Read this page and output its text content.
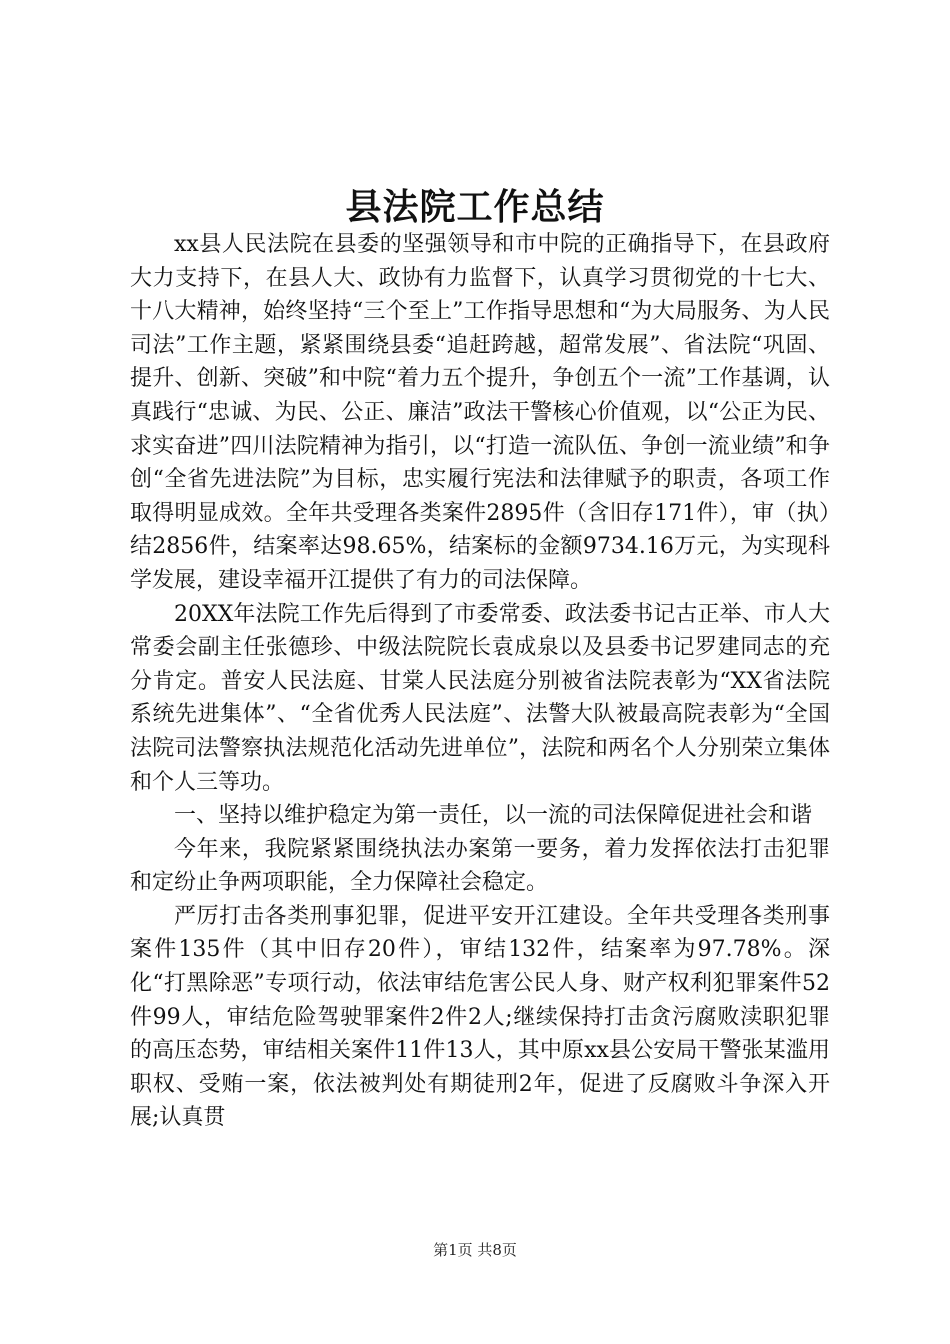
县法院工作总结

xx县人民法院在县委的坚强领导和市中院的正确指导下，在县政府大力支持下，在县人大、政协有力监督下，认真学习贯彻党的十七大、十八大精神，始终坚持“三个至上”工作指导思想和“为大局服务、为人民司法”工作主题，紧紧围绕县委“追赶跨越，超常发展”、省法院“巩固、提升、创新、突破”和中院“着力五个提升，争创五个一流”工作基调，认真践行“忠诚、为民、公正、廉洁”政法干警核心价值观，以“公正为民、求实奋进”四川法院精神为指引，以“打造一流队伍、争创一流业绩”和争创“全省先进法院”为目标，忠实履行宪法和法律赋予的职责，各项工作取得明显成效。全年共受理各类案件2895件（含旧存171件），审（执）结2856件，结案率达98.65%，结案标的金额9734.16万元，为实现科学发展，建设幸福开江提供了有力的司法保障。

20XX年法院工作先后得到了市委常委、政法委书记古正举、市人大常委会副主任张德珍、中级法院院长袁成泉以及县委书记罗建同志的充分肯定。普安人民法庭、甘棠人民法庭分别被省法院表彰为“XX省法院系统先进集体”、“全省优秀人民法庭”、法警大队被最高院表彰为“全国法院司法警察执法规范化活动先进单位”，法院和两名个人分别荣立集体和个人三等功。

一、坚持以维护稳定为第一责任，以一流的司法保障促进社会和谐

今年来，我院紧紧围绕执法办案第一要务，着力发挥依法打击犯罪和定纷止争两项职能，全力保障社会稳定。

严厉打击各类刑事犯罪，促进平安开江建设。全年共受理各类刑事案件135件（其中旧存20件），审结132件，结案率为97.78%。深化“打黑除恶”专项行动，依法审结危害公民人身、财产权利犯罪案件52件99人，审结危险驾驶罪案件2件2人;继续保持打击贪污腐败渎职犯罪的高压态势，审结相关案件11件13人，其中原xx县公安局干警张某滥用职权、受贿一案，依法被判处有期徒刑2年，促进了反腐败斗争深入开展;认真贯

第1页 共8页
